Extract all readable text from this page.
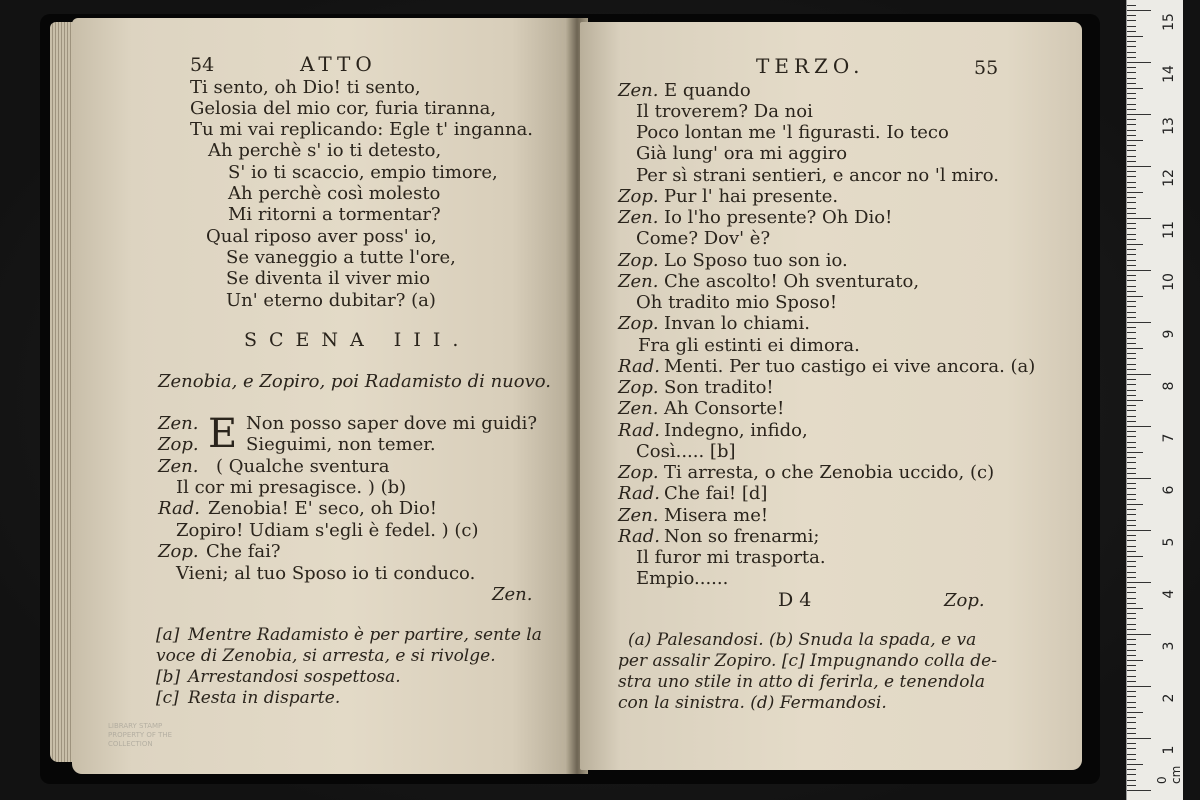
54	ATTO
Ti sento, oh Dio! ti sento,
Gelosia del mio cor, furia tiranna,
Tu mi vai replicando: Egle t' inganna.
Ah perchè s' io ti detesto,
S' io ti scaccio, empio timore,
Ah perchè così molesto
Mi ritorni a tormentar?
Qual riposo aver poss' io,
Se vaneggio a tutte l'ore,
Se diventa il viver mio
Un' eterno dubitar? (a)
SCENA III.
Zenobia, e Zopiro, poi Radamisto di nuovo.
E
Zen.	Non posso saper dove mi guidi?
Zop.	Sieguimi, non temer.
Zen. ( Qualche sventura
Il cor mi presagisce. ) (b)
Rad. Zenobia! E' seco, oh Dio!
Zopiro! Udiam s'egli è fedel. ) (c)
Zop. Che fai?
Vieni; al tuo Sposo io ti conduco.
Zen.
[a] Mentre Radamisto è per partire, sente la
voce di Zenobia, si arresta, e si rivolge.
[b] Arrestandosi sospettosa.
[c] Resta in disparte.
LIBRARY STAMP
PROPERTY OF THE
COLLECTION
TERZO.	55
Zen. E quando
Il troverem? Da noi
Poco lontan me 'l figurasti. Io teco
Già lung' ora mi aggiro
Per sì strani sentieri, e ancor no 'l miro.
Zop. Pur l' hai presente.
Zen. Io l'ho presente? Oh Dio!
Come? Dov' è?
Zop. Lo Sposo tuo son io.
Zen. Che ascolto! Oh sventurato,
Oh tradito mio Sposo!
Zop. Invan lo chiami.
Fra gli estinti ei dimora.
Rad. Menti. Per tuo castigo ei vive ancora. (a)
Zop. Son tradito!
Zen. Ah Consorte!
Rad. Indegno, infido,
Così..... [b]
Zop. Ti arresta, o che Zenobia uccido, (c)
Rad. Che fai! [d]
Zen. Misera me!
Rad. Non so frenarmi;
Il furor mi trasporta.
Empio......
D 4	Zop.
(a) Palesandosi. (b) Snuda la spada, e va
per assalir Zopiro. [c] Impugnando colla de-
stra uno stile in atto di ferirla, e tenendola
con la sinistra. (d) Fermandosi.
1
2
3
4
5
6
7
8
9
10
11
12
13
14
15
0 cm
